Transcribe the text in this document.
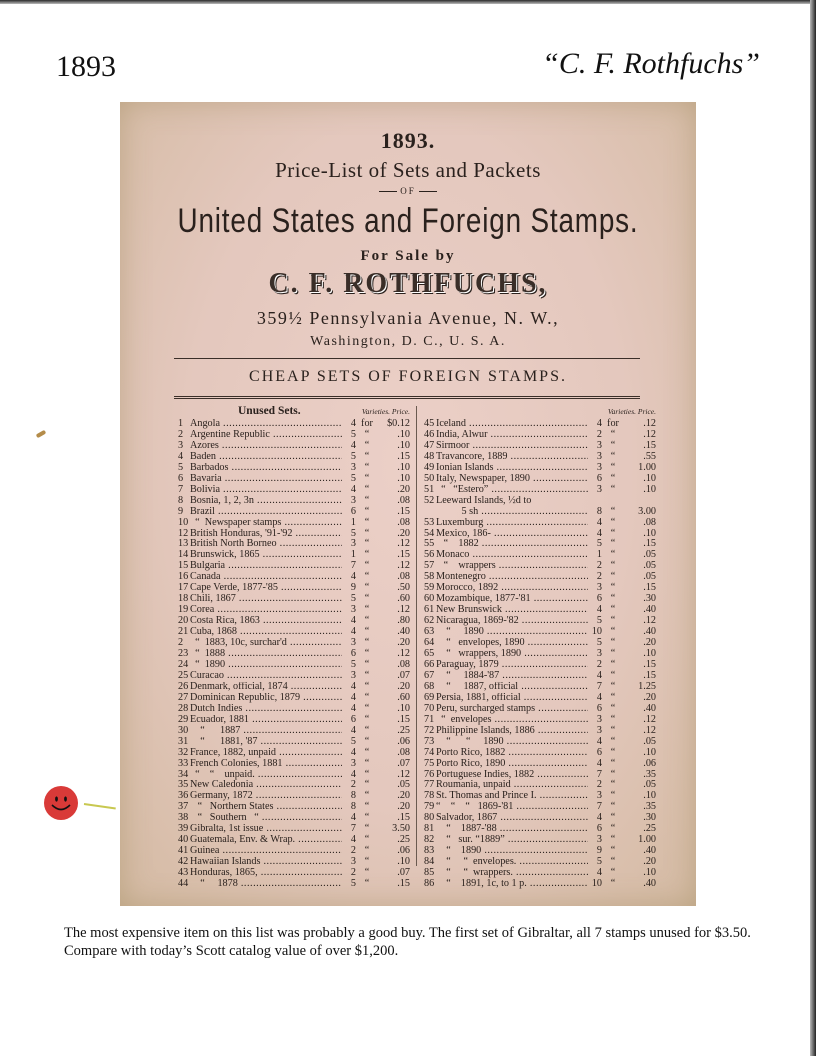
1893	“C. F. Rothfuchs”
1893.
Price-List of Sets and Packets
OF
United States and Foreign Stamps.
For Sale by
C. F. ROTHFUCHS,
359½ Pennsylvania Avenue, N. W.,
Washington, D. C., U. S. A.
CHEAP SETS OF FOREIGN STAMPS.
Unused Sets.	Varieties. Price.
1 Angola .....	4 for	$0.12
2 Argentine Republic .....	5 “	.10
3 Azores .....	4 “	.10
4 Baden .....	5 “	.15
5 Barbados .....	3 “	.10
6 Bavaria .....	5 “	.10
7 Bolivia .....	4 “	.20
8 Bosnia, 1, 2, 3n .....	3 “	.08
9 Brazil .....	6 “	.15
10 “  Newspaper stamps .....	1 “	.08
12 British Honduras, '91-'92 .....	5 “	.20
13 British North Borneo .....	3 “	.12
14 Brunswick, 1865 .....	1 “	.15
15 Bulgaria .....	7 “	.12
16 Canada .....	4 “	.08
17 Cape Verde, 1877-'85 .....	9 “	.50
18 Chili, 1867 .....	5 “	.60
19 Corea .....	3 “	.12
20 Costa Rica, 1863 .....	4 “	.80
21 Cuba, 1868 .....	4 “	.40
2 “  1883, 10c, surchar'd .....	3 “	.20
23 “  1888 .....	6 “	.12
24 “  1890 .....	5 “	.08
25 Curacao .....	3 “	.07
26 Denmark, official, 1874 .....	4 “	.20
27 Dominican Republic, 1879 .....	4 “	.60
28 Dutch Indies .....	4 “	.10
29 Ecuador, 1881 .....	6 “	.15
30 “      1887 .....	4 “	.25
31 “      1881, '87 .....	5 “	.06
32 France, 1882, unpaid .....	4 “	.08
33 French Colonies, 1881 .....	3 “	.07
34 “    “    unpaid. .....	4 “	.12
35 New Caledonia .....	2 “	.05
36 Germany, 1872 .....	8 “	.20
37 “   Northern States .....	8 “	.20
38 “   Southern   “ .....	4 “	.15
39 Gibralta, 1st issue .....	7 “	3.50
40 Guatemala, Env. & Wrap. .....	4 “	.25
41 Guinea .....	2 “	.06
42 Hawaiian Islands .....	3 “	.10
43 Honduras, 1865, .....	2 “	.07
44 “     1878 .....	5 “	.15
Varieties. Price.
45 Iceland .....	4 for	.12
46 India, Alwur .....	2 “	.12
47 Sirmoor .....	3 “	.15
48 Travancore, 1889 .....	3 “	.55
49 Ionian Islands .....	3 “	1.00
50 Italy, Newspaper, 1890 .....	6 “	.10
51 “   “Estero” .....	3 “	.10
52 Leeward Islands, ½d to
5 sh .....	8 “	3.00
53 Luxemburg .....	4 “	.08
54 Mexico, 186- .....	4 “	.10
55 “    1882 .....	5 “	.15
56 Monaco .....	1 “	.05
57 “    wrappers .....	2 “	.05
58 Montenegro .....	2 “	.05
59 Morocco, 1892 .....	3 “	.15
60 Mozambique, 1877-'81 .....	6 “	.30
61 New Brunswick .....	4 “	.40
62 Nicaragua, 1869-'82 .....	5 “	.12
63 “     1890 .....	10 “	.40
64 “   envelopes, 1890 .....	5 “	.20
65 “   wrappers, 1890 .....	3 “	.10
66 Paraguay, 1879 .....	2 “	.15
67 “     1884-'87 .....	4 “	.15
68 “     1887, official .....	7 “	1.25
69 Persia, 1881, official .....	4 “	.20
70 Peru, surcharged stamps .....	6 “	.40
71 “  envelopes .....	3 “	.12
72 Philippine Islands, 1886 .....	3 “	.12
73 “      “     1890 .....	4 “	.05
74 Porto Rico, 1882 .....	6 “	.10
75 Porto Rico, 1890 .....	4 “	.06
76 Portuguese Indies, 1882 .....	7 “	.35
77 Roumania, unpaid .....	2 “	.05
78 St. Thomas and Prince I. .....	3 “	.10
79 “    “    “   1869-'81 .....	7 “	.35
80 Salvador, 1867 .....	4 “	.30
81 “    1887-'88 .....	6 “	.25
82 “   sur. “1889” .....	3 “	1.00
83 “    1890 .....	9 “	.40
84 “     “  envelopes. .....	5 “	.20
85 “     “  wrappers. .....	4 “	.10
86 “    1891, 1c, to 1 p. .....	10 “	.40
The most expensive item on this list was probably a good buy. The first set of Gibraltar, all 7 stamps unused for $3.50. Compare with today’s Scott catalog value of over $1,200.
